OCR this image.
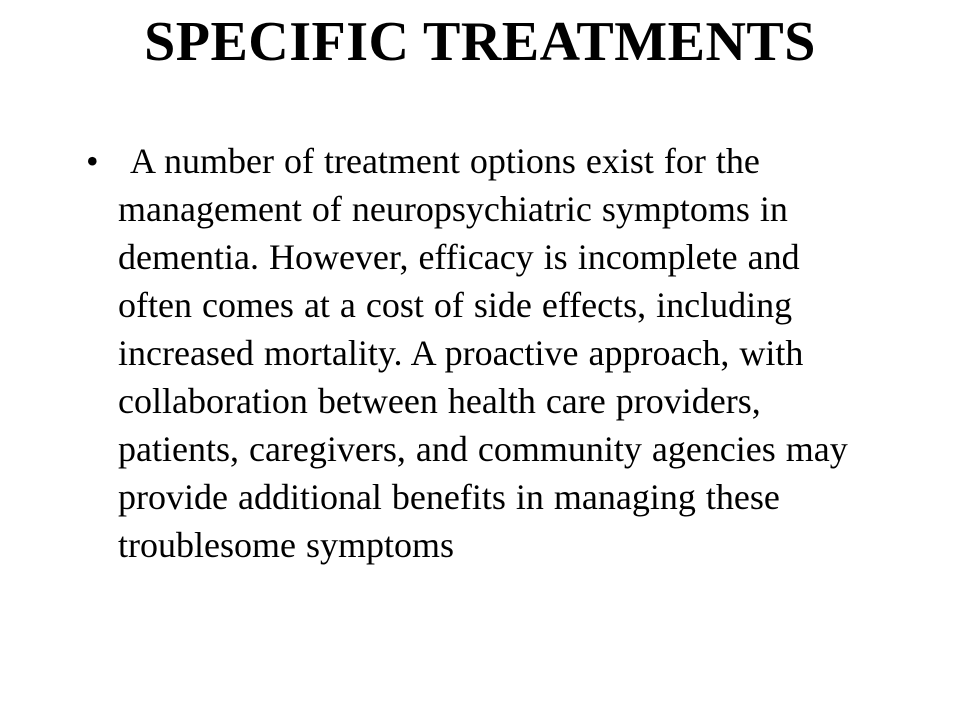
SPECIFIC TREATMENTS
• A number of treatment options exist for the management of neuropsychiatric symptoms in dementia. However, efficacy is incomplete and often comes at a cost of side effects, including increased mortality. A proactive approach, with collaboration between health care providers, patients, caregivers, and community agencies may provide additional benefits in managing these troublesome symptoms
